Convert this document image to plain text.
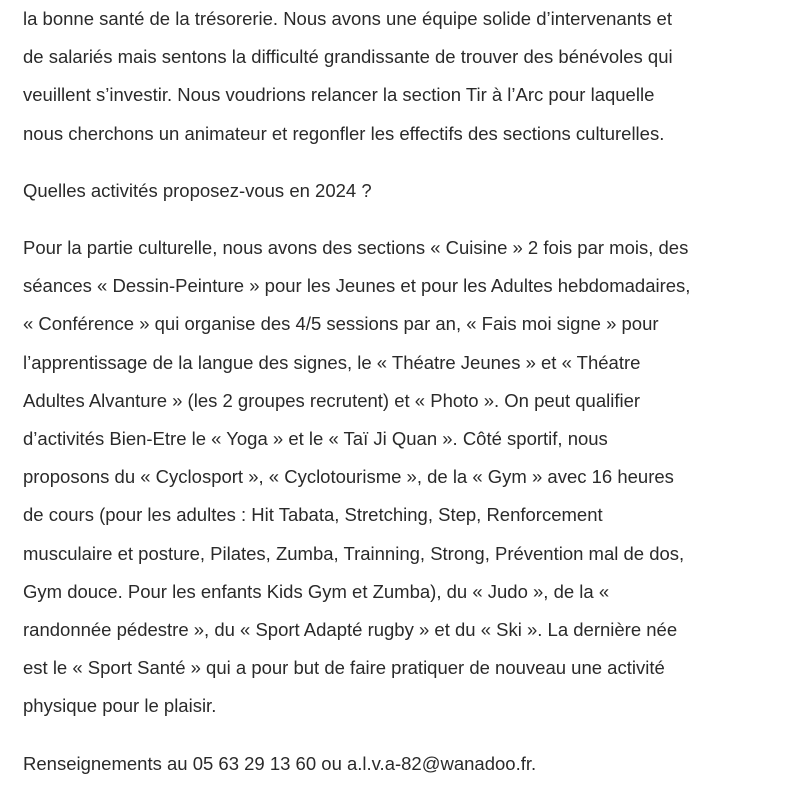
la bonne santé de la trésorerie. Nous avons une équipe solide d’intervenants et
de salariés mais sentons la difficulté grandissante de trouver des bénévoles qui
veuillent s’investir. Nous voudrions relancer la section Tir à l’Arc pour laquelle
nous cherchons un animateur et regonfler les effectifs des sections culturelles.

Quelles activités proposez-vous en 2024 ?

Pour la partie culturelle, nous avons des sections « Cuisine » 2 fois par mois, des
séances « Dessin-Peinture » pour les Jeunes et pour les Adultes hebdomadaires,
« Conférence » qui organise des 4/5 sessions par an, « Fais moi signe » pour
l’apprentissage de la langue des signes, le « Théatre Jeunes » et « Théatre
Adultes Alvanture » (les 2 groupes recrutent) et « Photo ». On peut qualifier
d’activités Bien-Etre le « Yoga » et le « Taï Ji Quan ». Côté sportif, nous
proposons du « Cyclosport », « Cyclotourisme », de la « Gym » avec 16 heures
de cours (pour les adultes : Hit Tabata, Stretching, Step, Renforcement
musculaire et posture, Pilates, Zumba, Trainning, Strong, Prévention mal de dos,
Gym douce. Pour les enfants Kids Gym et Zumba), du « Judo », de la «
randonnée pédestre », du « Sport Adapté rugby » et du « Ski ». La dernière née
est le « Sport Santé » qui a pour but de faire pratiquer de nouveau une activité
physique pour le plaisir.

Renseignements au 05 63 29 13 60 ou a.l.v.a-82@wanadoo.fr.
